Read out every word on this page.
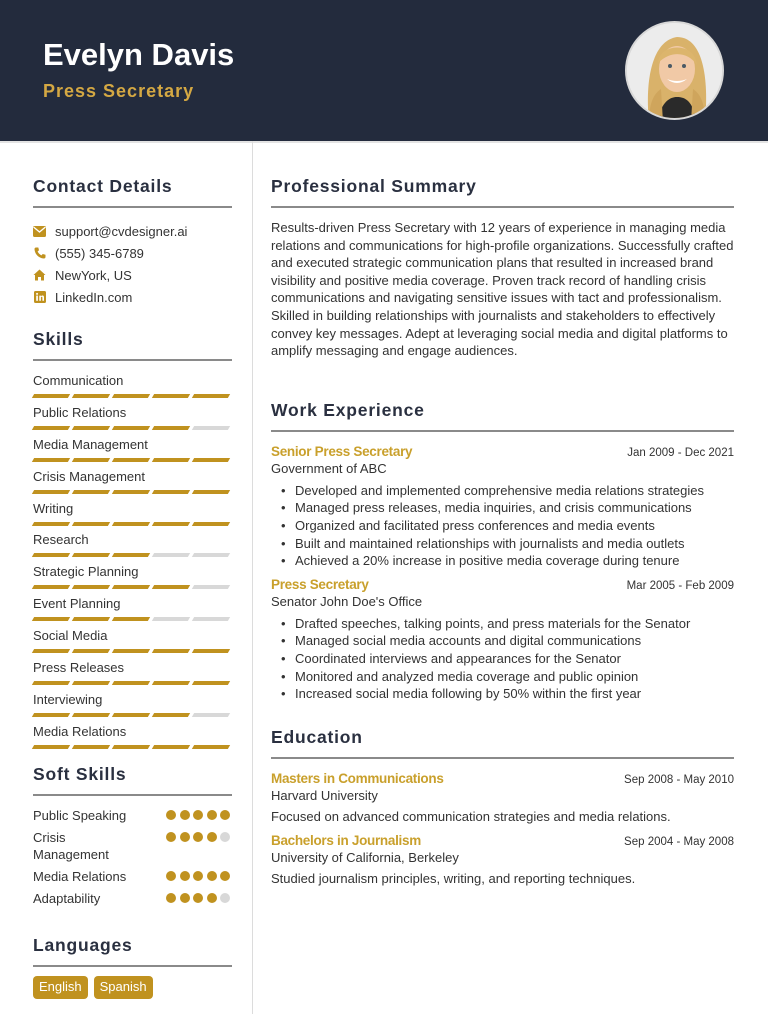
Evelyn Davis
Press Secretary
Contact Details
support@cvdesigner.ai
(555) 345-6789
NewYork, US
LinkedIn.com
Skills
Communication
Public Relations
Media Management
Crisis Management
Writing
Research
Strategic Planning
Event Planning
Social Media
Press Releases
Interviewing
Media Relations
Soft Skills
Public Speaking
Crisis Management
Media Relations
Adaptability
Languages
English	Spanish
Professional Summary
Results-driven Press Secretary with 12 years of experience in managing media relations and communications for high-profile organizations. Successfully crafted and executed strategic communication plans that resulted in increased brand visibility and positive media coverage. Proven track record of handling crisis communications and navigating sensitive issues with tact and professionalism. Skilled in building relationships with journalists and stakeholders to effectively convey key messages. Adept at leveraging social media and digital platforms to amplify messaging and engage audiences.
Work Experience
Senior Press Secretary	Jan 2009 - Dec 2021
Government of ABC
• Developed and implemented comprehensive media relations strategies
• Managed press releases, media inquiries, and crisis communications
• Organized and facilitated press conferences and media events
• Built and maintained relationships with journalists and media outlets
• Achieved a 20% increase in positive media coverage during tenure
Press Secretary	Mar 2005 - Feb 2009
Senator John Doe's Office
• Drafted speeches, talking points, and press materials for the Senator
• Managed social media accounts and digital communications
• Coordinated interviews and appearances for the Senator
• Monitored and analyzed media coverage and public opinion
• Increased social media following by 50% within the first year
Education
Masters in Communications	Sep 2008 - May 2010
Harvard University
Focused on advanced communication strategies and media relations.
Bachelors in Journalism	Sep 2004 - May 2008
University of California, Berkeley
Studied journalism principles, writing, and reporting techniques.
